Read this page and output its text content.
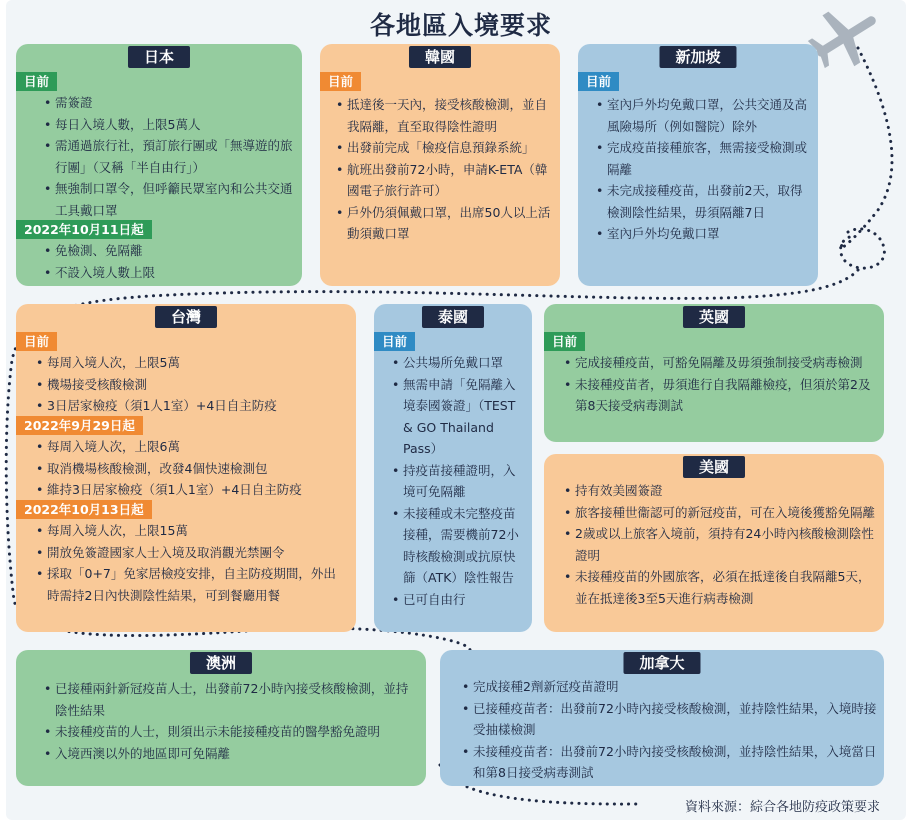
各地區入境要求
日本
目前
• 需簽證
• 每日入境人數，上限5萬人
• 需通過旅行社，預訂旅行團或「無導遊的旅行團」（又稱「半自由行」）
• 無強制口罩令，但呼籲民眾室內和公共交通工具戴口罩
2022年10月11日起
• 免檢測、免隔離
• 不設入境人數上限
韓國
目前
• 抵達後一天內，接受核酸檢測，並自我隔離，直至取得陰性證明
• 出發前完成「檢疫信息預錄系統」
• 航班出發前72小時，申請K-ETA（韓國電子旅行許可）
• 戶外仍須佩戴口罩，出席50人以上活動須戴口罩
新加坡
目前
• 室內戶外均免戴口罩，公共交通及高風險場所（例如醫院）除外
• 完成疫苗接種旅客，無需接受檢測或隔離
• 未完成接種疫苗，出發前2天，取得檢測陰性結果，毋須隔離7日
• 室內戶外均免戴口罩
台灣
目前
• 每周入境人次，上限5萬
• 機場接受核酸檢測
• 3日居家檢疫（須1人1室）+4日自主防疫
2022年9月29日起
• 每周入境人次，上限6萬
• 取消機場核酸檢測，改發4個快速檢測包
• 維持3日居家檢疫（須1人1室）+4日自主防疫
2022年10月13日起
• 每周入境人次，上限15萬
• 開放免簽證國家人士入境及取消觀光禁團令
• 採取「0+7」免家居檢疫安排，自主防疫期間，外出時需持2日內快測陰性結果，可到餐廳用餐
泰國
目前
• 公共場所免戴口罩
• 無需申請「免隔離入境泰國簽證」（TEST & GO Thailand Pass）
• 持疫苗接種證明，入境可免隔離
• 未接種或未完整疫苗接種，需要機前72小時核酸檢測或抗原快篩（ATK）陰性報告
• 已可自由行
英國
目前
• 完成接種疫苗，可豁免隔離及毋須強制接受病毒檢測
• 未接種疫苗者，毋須進行自我隔離檢疫，但須於第2及第8天接受病毒測試
美國
• 持有效美國簽證
• 旅客接種世衞認可的新冠疫苗，可在入境後獲豁免隔離
• 2歲或以上旅客入境前，須持有24小時內核酸檢測陰性證明
• 未接種疫苗的外國旅客，必須在抵達後自我隔離5天，並在抵達後3至5天進行病毒檢測
澳洲
• 已接種兩針新冠疫苗人士，出發前72小時內接受核酸檢測，並持陰性結果
• 未接種疫苗的人士，則須出示未能接種疫苗的醫學豁免證明
• 入境西澳以外的地區即可免隔離
加拿大
• 完成接種2劑新冠疫苗證明
• 已接種疫苗者：出發前72小時內接受核酸檢測，並持陰性結果，入境時接受抽樣檢測
• 未接種疫苗者：出發前72小時內接受核酸檢測，並持陰性結果，入境當日和第8日接受病毒測試
資料來源：綜合各地防疫政策要求
